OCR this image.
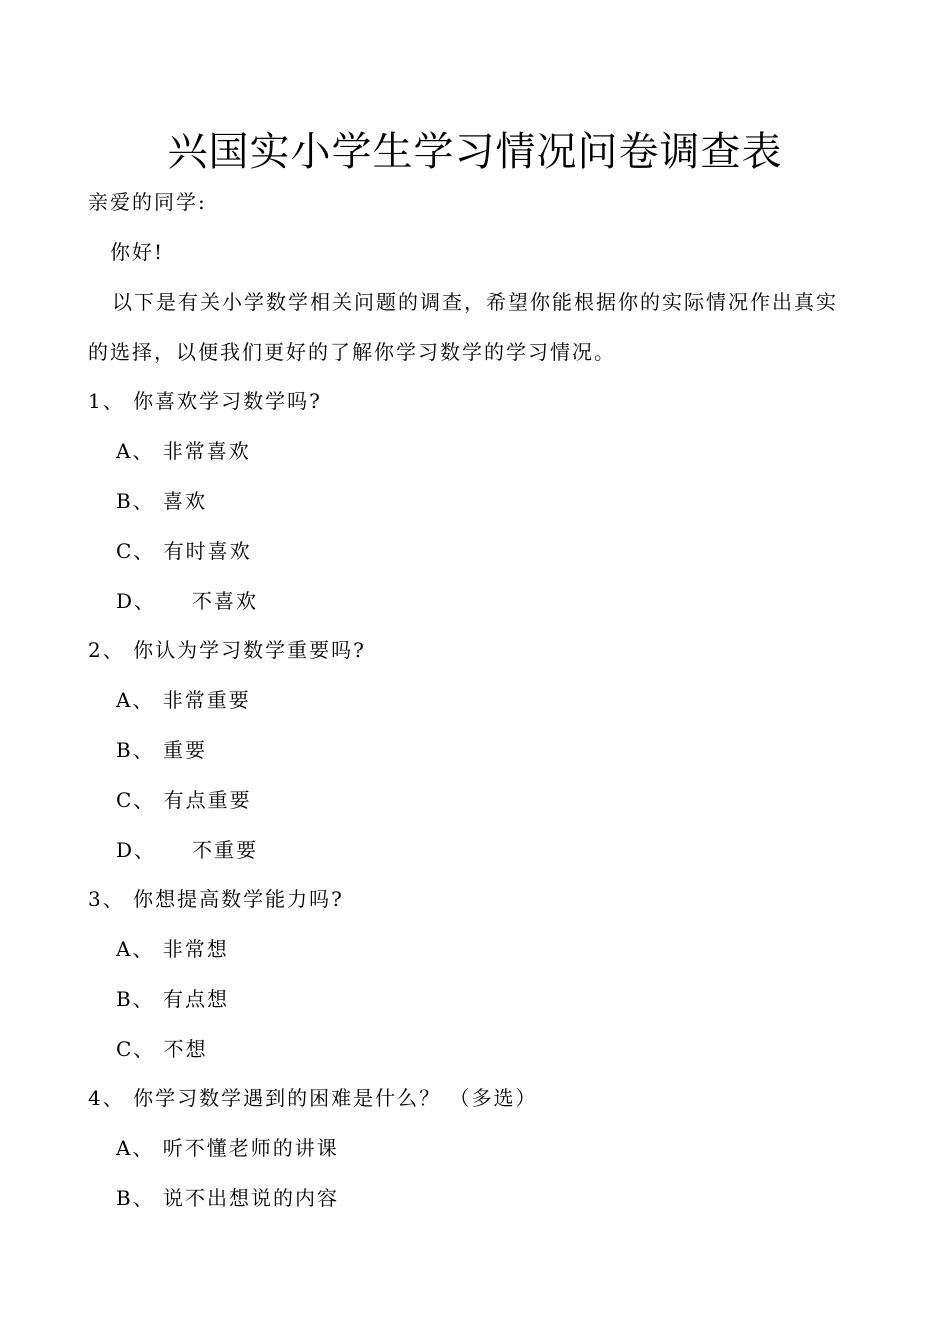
兴国实小学生学习情况问卷调查表
亲爱的同学:
你好!
以下是有关小学数学相关问题的调查，希望你能根据你的实际情况作出真实
的选择，以便我们更好的了解你学习数学的学习情况。
1、 你喜欢学习数学吗?
A、 非常喜欢
B、 喜欢
C、 有时喜欢
D、 不喜欢
2、 你认为学习数学重要吗?
A、 非常重要
B、 重要
C、 有点重要
D、 不重要
3、 你想提高数学能力吗?
A、 非常想
B、 有点想
C、 不想
4、 你学习数学遇到的困难是什么？ （多选）
A、 听不懂老师的讲课
B、 说不出想说的内容
